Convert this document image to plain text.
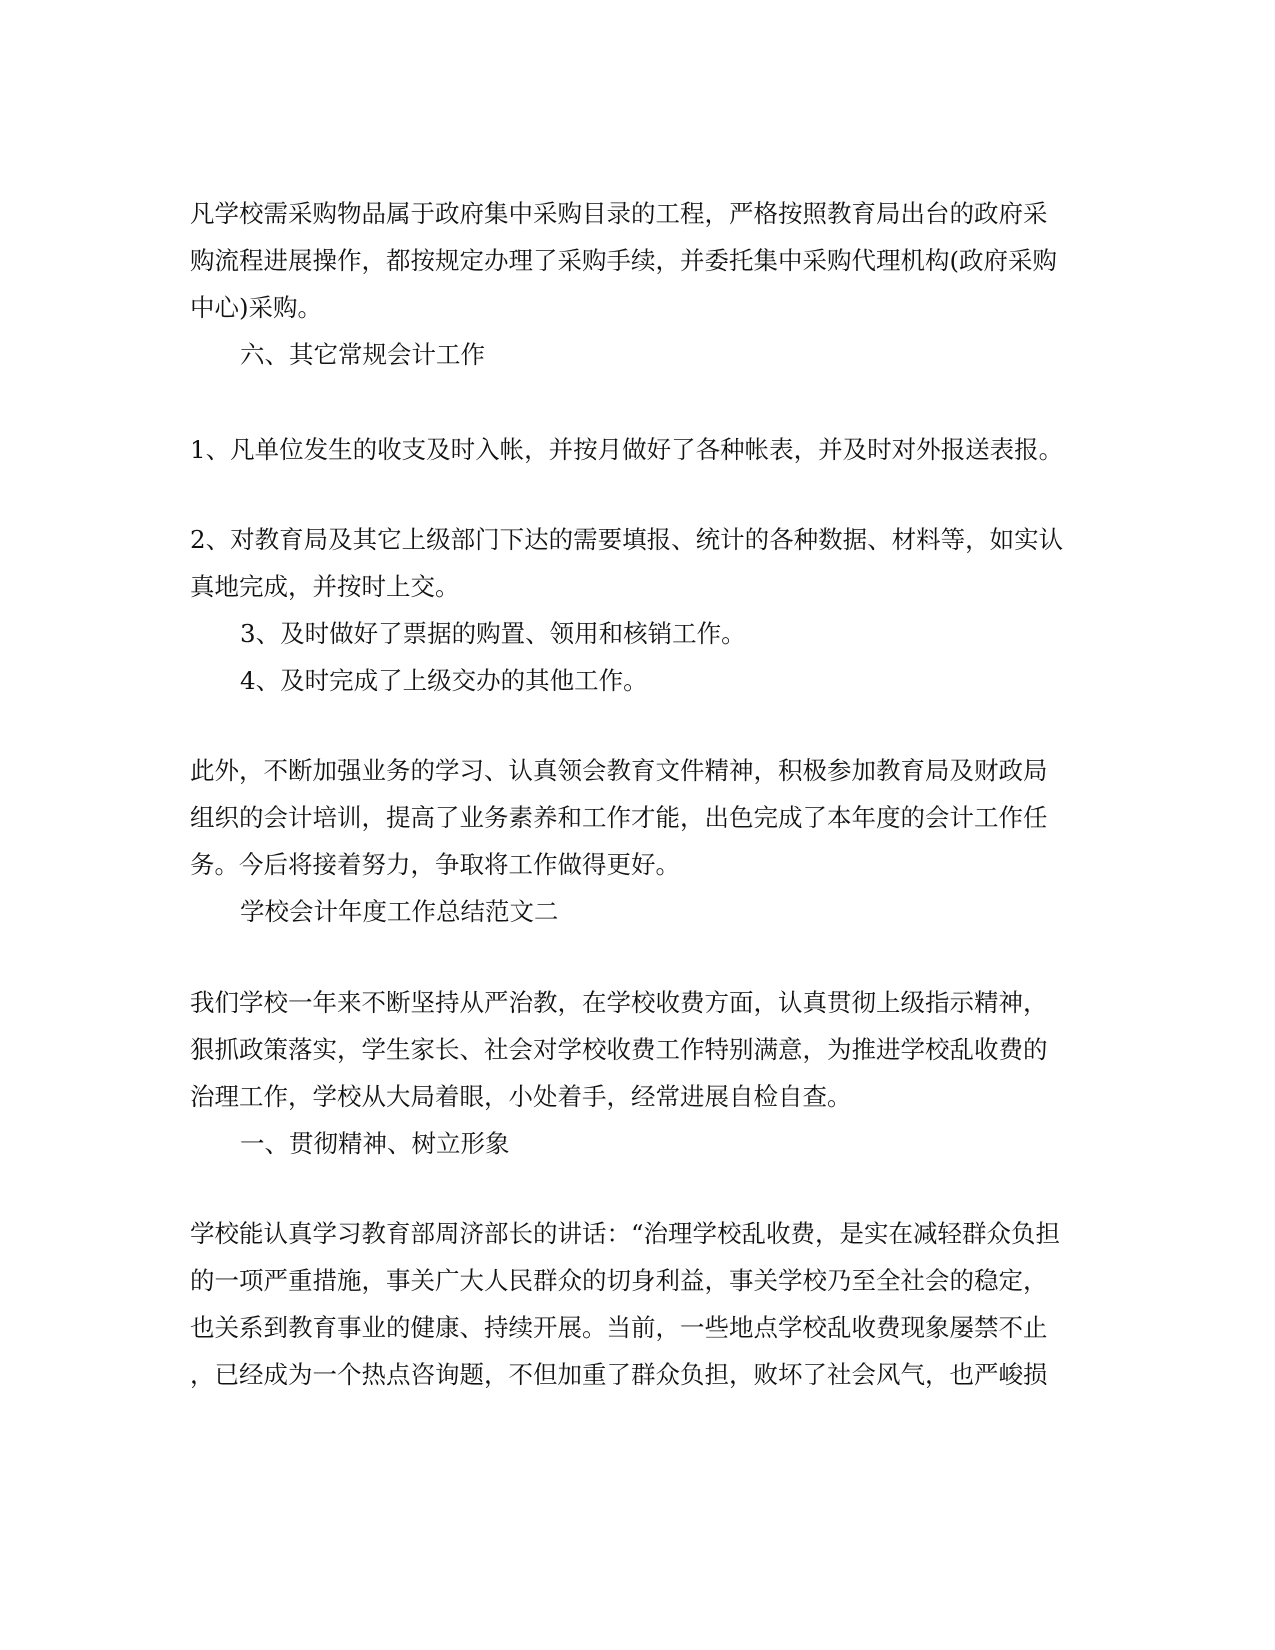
凡学校需采购物品属于政府集中采购目录的工程，严格按照教育局出台的政府采
购流程进展操作，都按规定办理了采购手续，并委托集中采购代理机构(政府采购
中心)采购。
六、其它常规会计工作
1、凡单位发生的收支及时入帐，并按月做好了各种帐表，并及时对外报送表报。
2、对教育局及其它上级部门下达的需要填报、统计的各种数据、材料等，如实认
真地完成，并按时上交。
3、及时做好了票据的购置、领用和核销工作。
4、及时完成了上级交办的其他工作。
此外，不断加强业务的学习、认真领会教育文件精神，积极参加教育局及财政局
组织的会计培训，提高了业务素养和工作才能，出色完成了本年度的会计工作任
务。今后将接着努力，争取将工作做得更好。
学校会计年度工作总结范文二
我们学校一年来不断坚持从严治教，在学校收费方面，认真贯彻上级指示精神，
狠抓政策落实，学生家长、社会对学校收费工作特别满意，为推进学校乱收费的
治理工作，学校从大局着眼，小处着手，经常进展自检自查。
一、贯彻精神、树立形象
学校能认真学习教育部周济部长的讲话：“治理学校乱收费，是实在减轻群众负担
的一项严重措施，事关广大人民群众的切身利益，事关学校乃至全社会的稳定，
也关系到教育事业的健康、持续开展。当前，一些地点学校乱收费现象屡禁不止
，已经成为一个热点咨询题，不但加重了群众负担，败坏了社会风气，也严峻损
